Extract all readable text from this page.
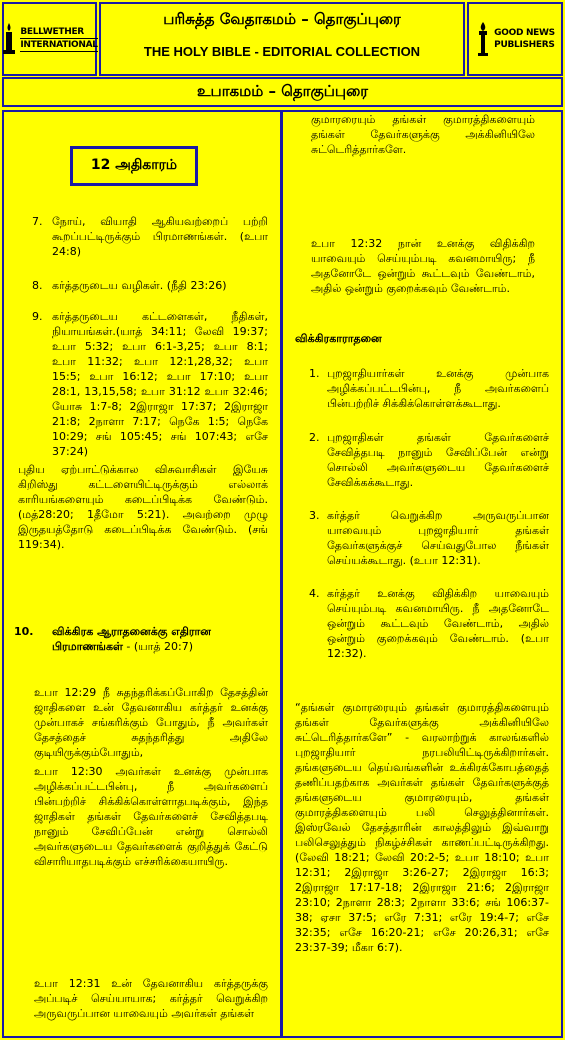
BELLWETHER
INTERNATIONAL
பரிசுத்த வேதாகமம் – தொகுப்புரை
THE HOLY BIBLE - EDITORIAL COLLECTION
GOOD NEWS
PUBLISHERS
உபாகமம் – தொகுப்புரை
12 அதிகாரம்
7. நோய், வியாதி ஆகியவற்றைப் பற்றி கூறப்பட்டிருக்கும் பிரமாணங்கள். (உபா 24:8)
8. கர்த்தருடைய வழிகள். (நீதி 23:26)
9. கர்த்தருடைய கட்டளைகள், நீதிகள், நியாயங்கள்.(யாத் 34:11; லேவி 19:37; உபா 5:32; உபா 6:1-3,25; உபா 8:1; உபா 11:32; உபா 12:1,28,32; உபா 15:5; உபா 16:12; உபா 17:10; உபா 28:1, 13,15,58; உபா 31:12 உபா 32:46; யோசு 1:7-8; 2இராஜா 17:37; 2இராஜா 21:8; 2நாளா 7:17; நெகே 1:5; நெகே 10:29; சங் 105:45; சங் 107:43; எசே 37:24)
புதிய ஏற்பாட்டுக்கால விசுவாசிகள் இயேசு கிறிஸ்து கட்டளையிட்டிருக்கும் எல்லாக் காரியங்களையும் கடைப்பிடிக்க வேண்டும். (மத்28:20; 1தீமோ 5:21). அவற்றை முழு இருதயத்தோடு கடைப்பிடிக்க வேண்டும். (சங் 119:34).
10. விக்கிரக ஆராதனைக்கு எதிரான பிரமாணங்கள் - (யாத் 20:7)
உபா 12:29 நீ சுதந்தரிக்கப்போகிற தேசத்தின் ஜாதிகளை உன் தேவனாகிய கர்த்தர் உனக்கு முன்பாகச் சங்கரிக்கும் போதும், நீ அவர்கள் தேசத்தைச் சுதந்தரித்து அதிலே குடியிருக்கும்போதும்,
உபா 12:30 அவர்கள் உனக்கு முன்பாக அழிக்கப்பட்டபின்பு, நீ அவர்களைப் பின்பற்றிச் சிக்கிக்கொள்ளாதபடிக்கும், இந்த ஜாதிகள் தங்கள் தேவர்களைச் சேவித்தபடி நானும் சேவிப்பேன் என்று சொல்லி அவர்களுடைய தேவர்களைக் குறித்துக் கேட்டு விசாரியாதபடிக்கும் எச்சரிக்கையாயிரு.
உபா 12:31 உன் தேவனாகிய கர்த்தருக்கு அப்படிச் செய்யாயாக; கர்த்தர் வெறுக்கிற அருவருப்பான யாவையும் அவர்கள் தங்கள்
குமாரரையும் தங்கள் குமாரத்திகளையும் தங்கள் தேவர்களுக்கு அக்கினியிலே சுட்டெரித்தார்களே.
உபா 12:32 நான் உனக்கு விதிக்கிற யாவையும் செய்யும்படி கவனமாயிரு; நீ அதனோடே ஒன்றும் கூட்டவும் வேண்டாம், அதில் ஒன்றும் குறைக்கவும் வேண்டாம்.
விக்கிரகாராதனை
1. புறஜாதியார்கள் உனக்கு முன்பாக அழிக்கப்பட்டபின்பு, நீ அவர்களைப் பின்பற்றிச் சிக்கிக்கொள்ளக்கூடாது.
2. புறஜாதிகள் தங்கள் தேவர்களைச் சேவித்தபடி நானும் சேவிப்பேன் என்று சொல்லி அவர்களுடைய தேவர்களைச் சேவிக்கக்கூடாது.
3. கர்த்தர் வெறுக்கிற அருவருப்பான யாவையும் புறஜாதியார் தங்கள் தேவர்களுக்குச் செய்வதுபோல நீங்கள் செய்யக்கூடாது. (உபா 12:31).
4. கர்த்தர் உனக்கு விதிக்கிற யாவையும் செய்யும்படி கவனமாயிரு. நீ அதனோடே ஒன்றும் கூட்டவும் வேண்டாம், அதில் ஒன்றும் குறைக்கவும் வேண்டாம். (உபா 12:32).
“தங்கள் குமாரரையும் தங்கள் குமாரத்திகளையும் தங்கள் தேவர்களுக்கு அக்கினியிலே சுட்டெரித்தார்களே” - வரலாற்றுக் காலங்களில் புறஜாதியார் நரபலியிட்டிருக்கிறார்கள். தங்களுடைய தெய்வங்களின் உக்கிரக்கோபத்தைத் தணிப்பதற்காக அவர்கள் தங்கள் தேவர்களுக்குத் தங்களுடைய குமாரரையும், தங்கள் குமாரத்திகளையும் பலி செலுத்தினார்கள். இஸ்ரவேல் தேசத்தாரின் காலத்திலும் இவ்வாறு பலிசெலுத்தும் நிகழ்ச்சிகள் காணப்பட்டிருக்கிறது. (லேவி 18:21; லேவி 20:2-5; உபா 18:10; உபா 12:31; 2இராஜா 3:26-27; 2இராஜா 16:3; 2இராஜா 17:17-18; 2இராஜா 21:6; 2இராஜா 23:10; 2நாளா 28:3; 2நாளா 33:6; சங் 106:37-38; ஏசா 37:5; எரே 7:31; எரே 19:4-7; எசே 32:35; எசே 16:20-21; எசே 20:26,31; எசே 23:37-39; மீகா 6:7).
